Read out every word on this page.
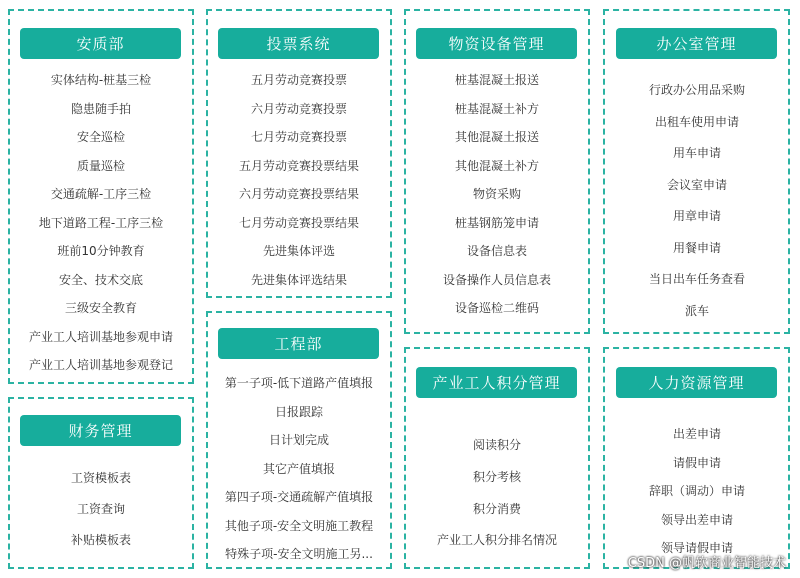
安质部
实体结构-桩基三检
隐患随手拍
安全巡检
质量巡检
交通疏解-工序三检
地下道路工程-工序三检
班前10分钟教育
安全、技术交底
三级安全教育
产业工人培训基地参观申请
产业工人培训基地参观登记
财务管理
工资模板表
工资查询
补贴模板表
投票系统
五月劳动竞赛投票
六月劳动竞赛投票
七月劳动竞赛投票
五月劳动竞赛投票结果
六月劳动竞赛投票结果
七月劳动竞赛投票结果
先进集体评选
先进集体评选结果
工程部
第一子项-低下道路产值填报
日报跟踪
日计划完成
其它产值填报
第四子项-交通疏解产值填报
其他子项-安全文明施工教程
特殊子项-安全文明施工另...
物资设备管理
桩基混凝土报送
桩基混凝土补方
其他混凝土报送
其他混凝土补方
物资采购
桩基钢筋笼申请
设备信息表
设备操作人员信息表
设备巡检二维码
产业工人积分管理
阅读积分
积分考核
积分消费
产业工人积分排名情况
办公室管理
行政办公用品采购
出租车使用申请
用车申请
会议室申请
用章申请
用餐申请
当日出车任务查看
派车
人力资源管理
出差申请
请假申请
辞职（调动）申请
领导出差申请
领导请假申请
CSDN @帆软商业智能技术
